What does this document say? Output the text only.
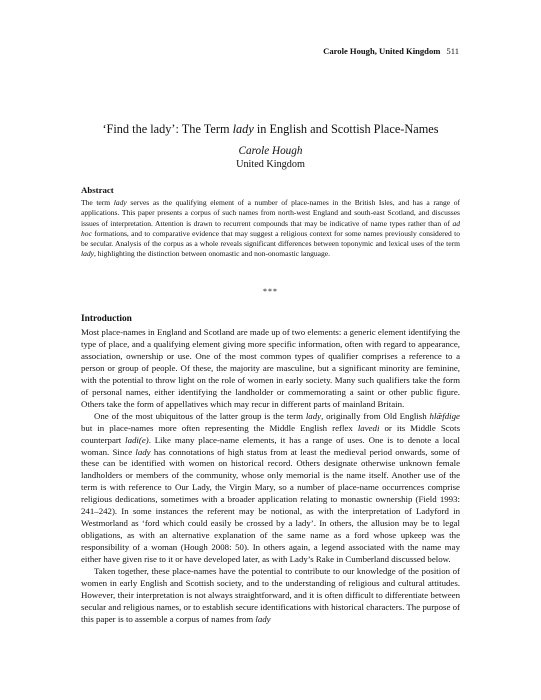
Carole Hough, United Kingdom 511
‘Find the lady’: The Term lady in English and Scottish Place-Names
Carole Hough
United Kingdom
Abstract
The term lady serves as the qualifying element of a number of place-names in the British Isles, and has a range of applications. This paper presents a corpus of such names from north-west England and south-east Scotland, and discusses issues of interpretation. Attention is drawn to recurrent compounds that may be indicative of name types rather than of ad hoc formations, and to comparative evidence that may suggest a religious context for some names previously considered to be secular. Analysis of the corpus as a whole reveals significant differences between toponymic and lexical uses of the term lady, highlighting the distinction between onomastic and non-onomastic language.
***
Introduction

Most place-names in England and Scotland are made up of two elements: a generic element identifying the type of place, and a qualifying element giving more specific information, often with regard to appearance, association, ownership or use. One of the most common types of qualifier comprises a reference to a person or group of people. Of these, the majority are masculine, but a significant minority are feminine, with the potential to throw light on the role of women in early society. Many such qualifiers take the form of personal names, either identifying the landholder or commemorating a saint or other public figure. Others take the form of appellatives which may recur in different parts of mainland Britain.

One of the most ubiquitous of the latter group is the term lady, originally from Old English hlǣfdige but in place-names more often representing the Middle English reflex lavedi or its Middle Scots counterpart ladi(e). Like many place-name elements, it has a range of uses. One is to denote a local woman. Since lady has connotations of high status from at least the medieval period onwards, some of these can be identified with women on historical record. Others designate otherwise unknown female landholders or members of the community, whose only memorial is the name itself. Another use of the term is with reference to Our Lady, the Virgin Mary, so a number of place-name occurrences comprise religious dedications, sometimes with a broader application relating to monastic ownership (Field 1993: 241–242). In some instances the referent may be notional, as with the interpretation of Ladyford in Westmorland as ‘ford which could easily be crossed by a lady’. In others, the allusion may be to legal obligations, as with an alternative explanation of the same name as a ford whose upkeep was the responsibility of a woman (Hough 2008: 50). In others again, a legend associated with the name may either have given rise to it or have developed later, as with Lady’s Rake in Cumberland discussed below.

Taken together, these place-names have the potential to contribute to our knowledge of the position of women in early English and Scottish society, and to the understanding of religious and cultural attitudes. However, their interpretation is not always straightforward, and it is often difficult to differentiate between secular and religious names, or to establish secure identifications with historical characters. The purpose of this paper is to assemble a corpus of names from lady
